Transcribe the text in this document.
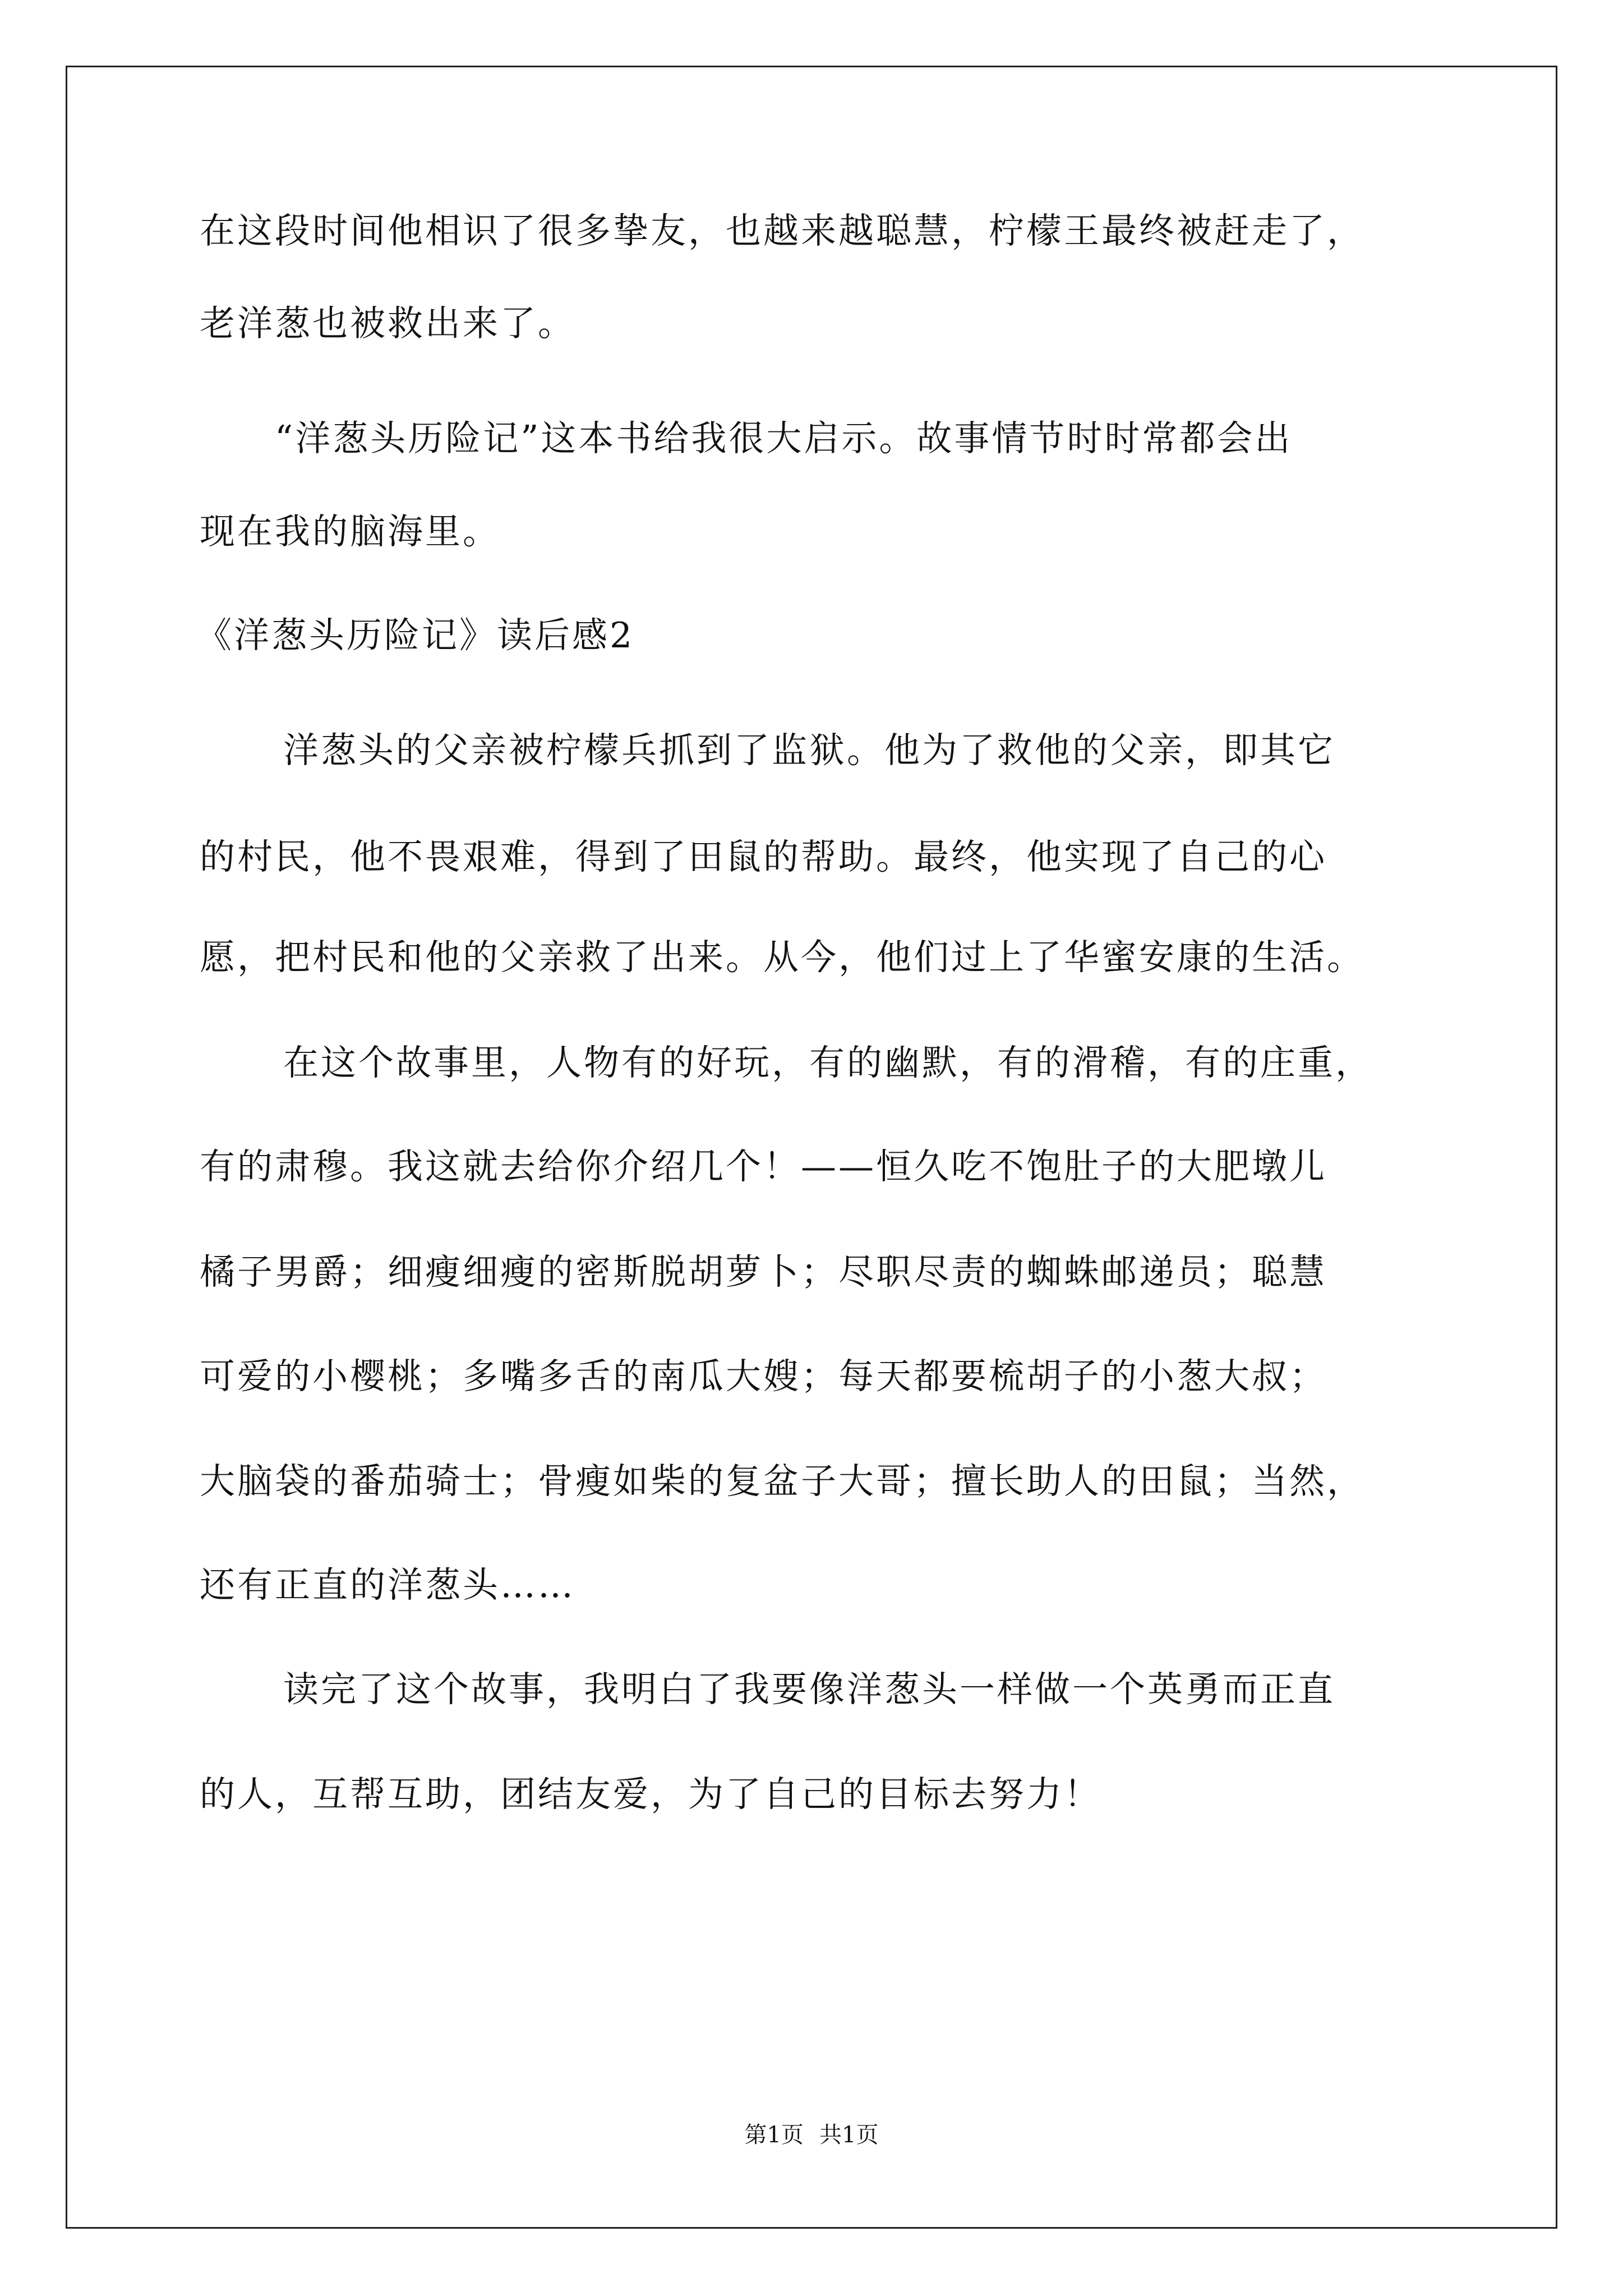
在这段时间他相识了很多挚友，也越来越聪慧，柠檬王最终被赶走了，
老洋葱也被救出来了。
“洋葱头历险记”这本书给我很大启示。故事情节时时常都会出
现在我的脑海里。
《洋葱头历险记》读后感2
洋葱头的父亲被柠檬兵抓到了监狱。他为了救他的父亲，即其它
的村民，他不畏艰难，得到了田鼠的帮助。最终，他实现了自己的心
愿，把村民和他的父亲救了出来。从今，他们过上了华蜜安康的生活。
在这个故事里，人物有的好玩，有的幽默，有的滑稽，有的庄重，
有的肃穆。我这就去给你介绍几个！——恒久吃不饱肚子的大肥墩儿
橘子男爵；细瘦细瘦的密斯脱胡萝卜；尽职尽责的蜘蛛邮递员；聪慧
可爱的小樱桃；多嘴多舌的南瓜大嫂；每天都要梳胡子的小葱大叔；
大脑袋的番茄骑士；骨瘦如柴的复盆子大哥；擅长助人的田鼠；当然，
还有正直的洋葱头……
读完了这个故事，我明白了我要像洋葱头一样做一个英勇而正直
的人，互帮互助，团结友爱，为了自己的目标去努力！
第1页 共1页
